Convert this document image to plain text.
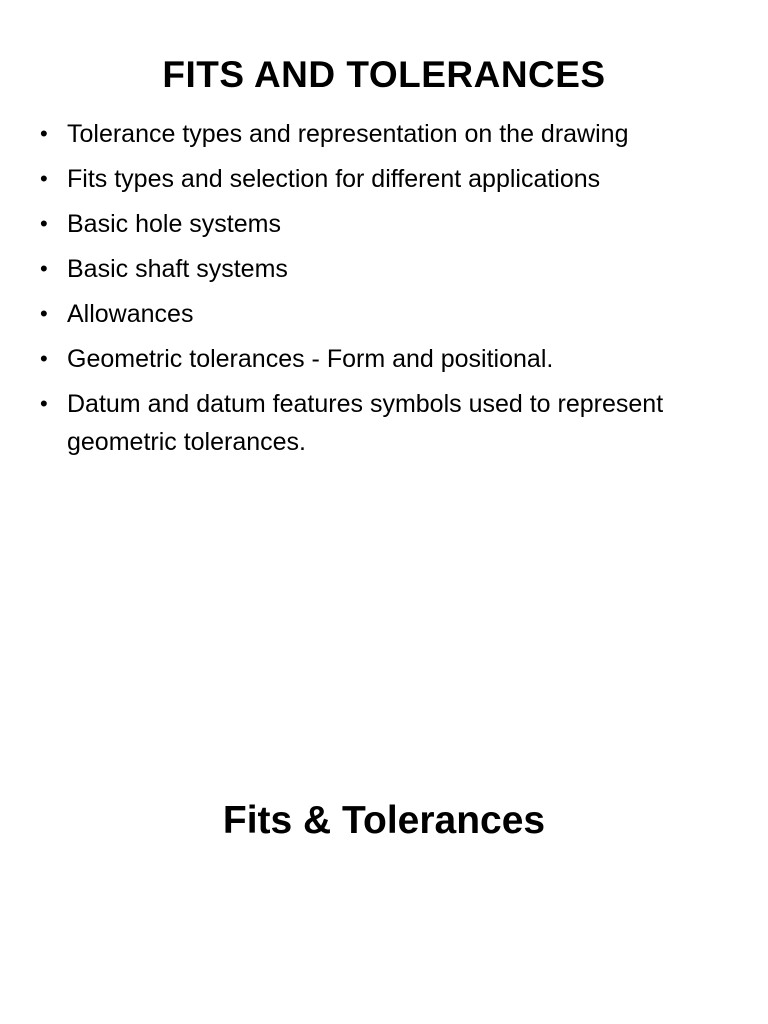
FITS AND TOLERANCES
• Tolerance types and representation on the drawing
• Fits types and selection for different applications
• Basic hole systems
• Basic shaft systems
• Allowances
• Geometric tolerances - Form and positional.
• Datum and datum features symbols used to represent geometric tolerances.
Fits & Tolerances
